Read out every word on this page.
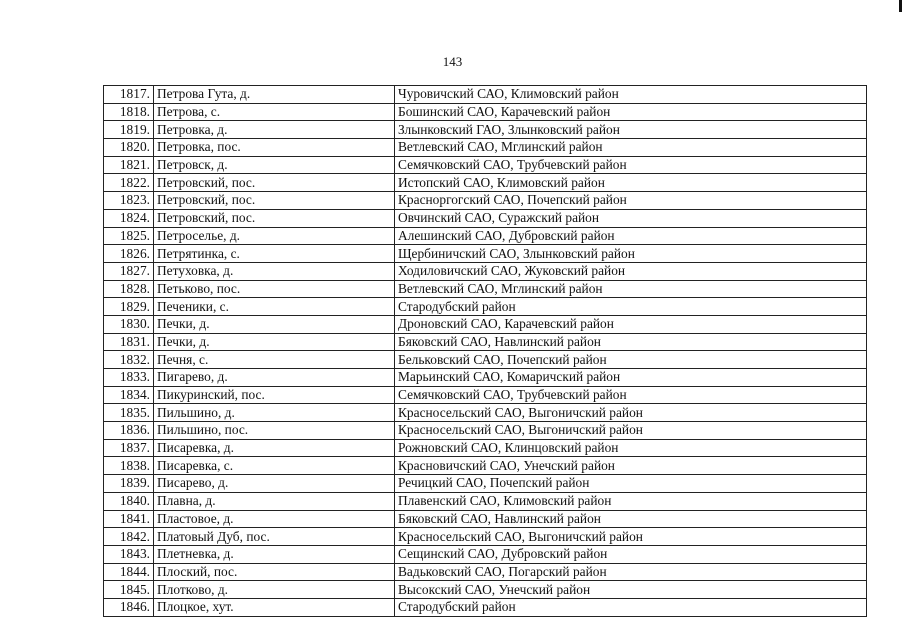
143
1817.	Петрова Гута, д.	Чуровичский САО, Климовский район
1818.	Петрова, с.	Бошинский САО, Карачевский район
1819.	Петровка, д.	Злынковский ГАО, Злынковский район
1820.	Петровка, пос.	Ветлевский САО, Мглинский район
1821.	Петровск, д.	Семячковский САО, Трубчевский район
1822.	Петровский, пос.	Истопский САО, Климовский район
1823.	Петровский, пос.	Красноргогский САО, Почепский район
1824.	Петровский, пос.	Овчинский САО, Суражский район
1825.	Петроселье, д.	Алешинский САО, Дубровский район
1826.	Петрятинка, с.	Щербиничский САО, Злынковский район
1827.	Петуховка, д.	Ходиловичский САО, Жуковский район
1828.	Петьково, пос.	Ветлевский САО, Мглинский район
1829.	Печеники, с.	Стародубский район
1830.	Печки, д.	Дроновский САО, Карачевский район
1831.	Печки, д.	Бяковский САО, Навлинский район
1832.	Печня, с.	Бельковский САО, Почепский район
1833.	Пигарево, д.	Марьинский САО, Комаричский район
1834.	Пикуринский, пос.	Семячковский САО, Трубчевский район
1835.	Пильшино, д.	Красносельский САО, Выгоничский район
1836.	Пильшино, пос.	Красносельский САО, Выгоничский район
1837.	Писаревка, д.	Рожновский САО, Клинцовский район
1838.	Писаревка, с.	Красновичский САО, Унечский район
1839.	Писарево, д.	Речицкий САО, Почепский район
1840.	Плавна, д.	Плавенский САО, Климовский район
1841.	Пластовое, д.	Бяковский САО, Навлинский район
1842.	Платовый Дуб, пос.	Красносельский САО, Выгоничский район
1843.	Плетневка, д.	Сещинский САО, Дубровский район
1844.	Плоский, пос.	Вадьковский САО, Погарский район
1845.	Плотково, д.	Высокский САО, Унечский район
1846.	Плоцкое, хут.	Стародубский район
